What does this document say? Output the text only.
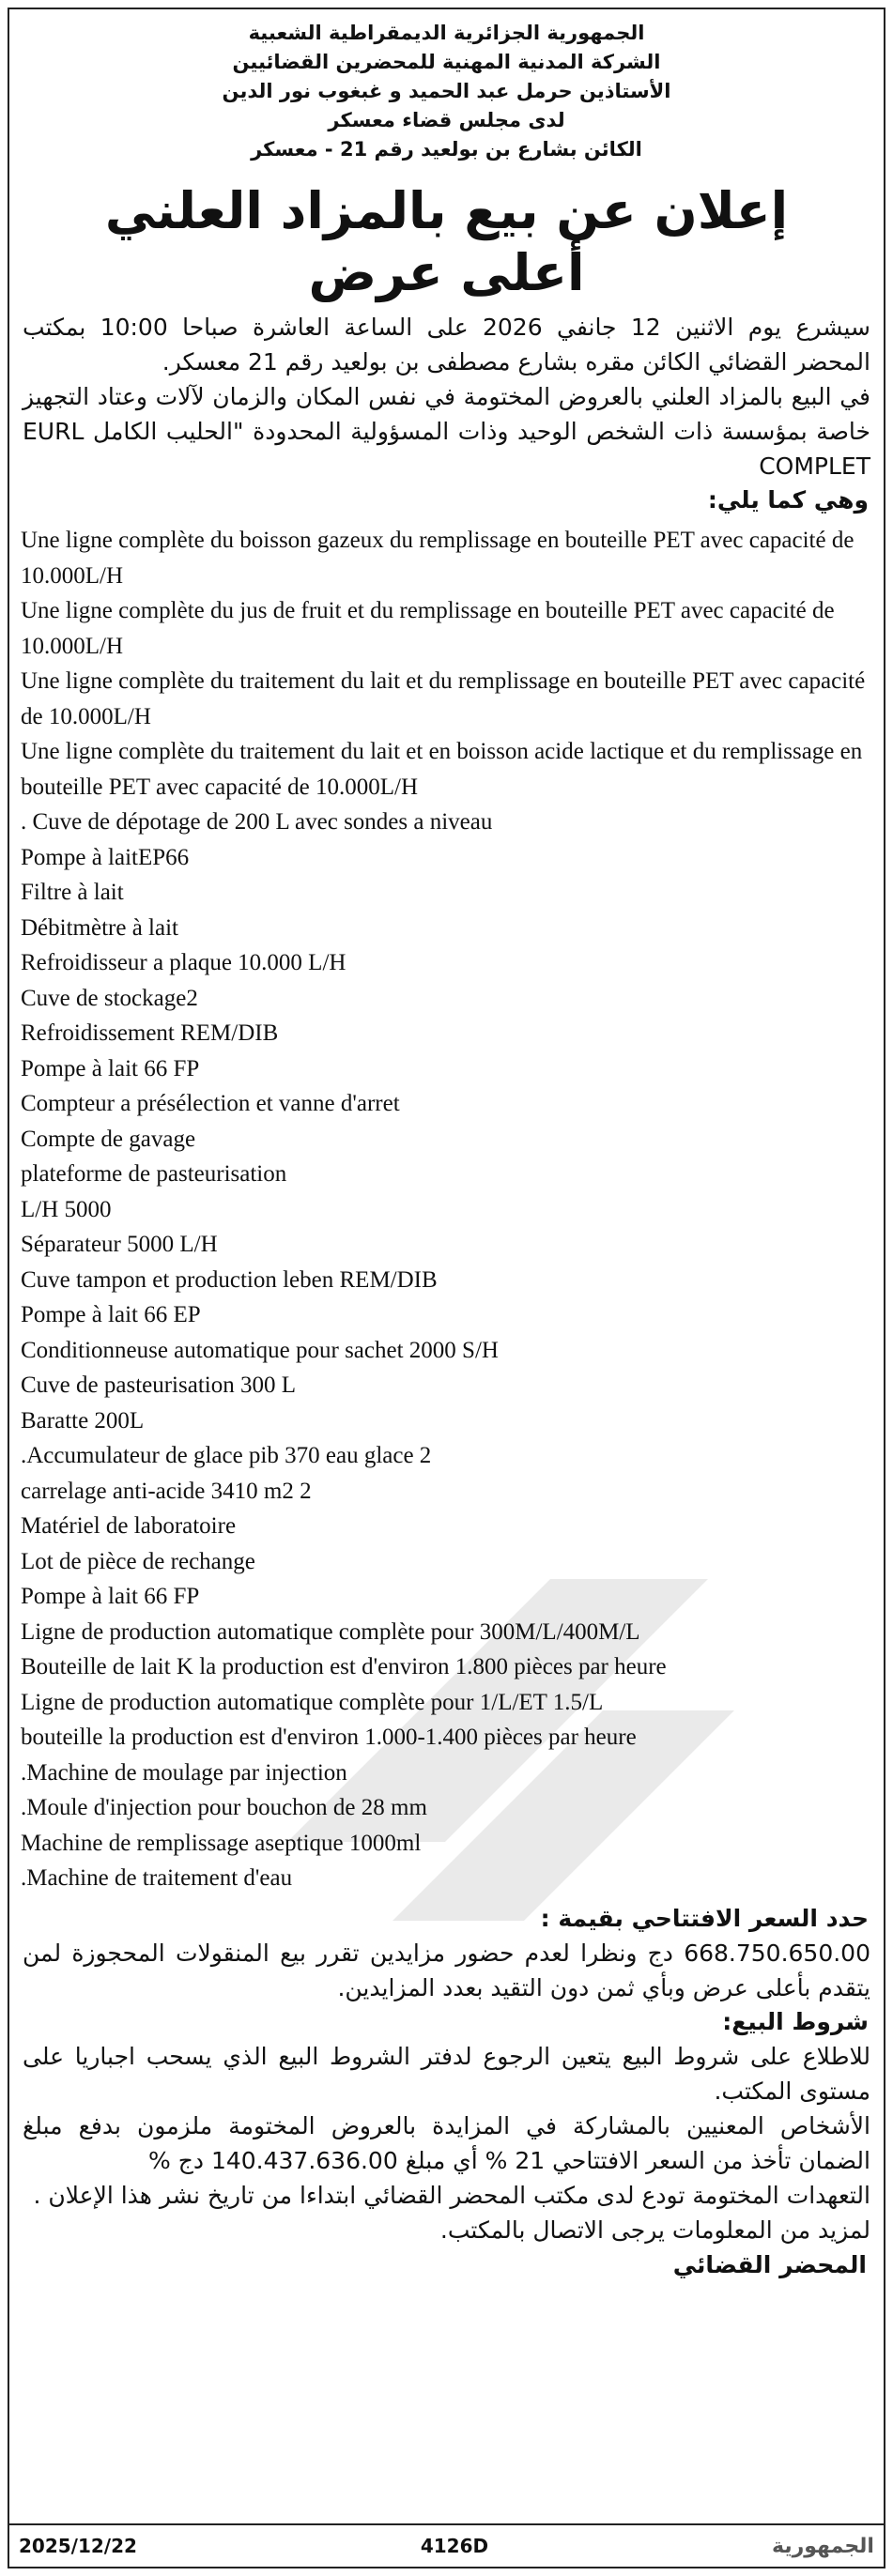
الجمهورية الجزائرية الديمقراطية الشعبية
الشركة المدنية المهنية للمحضرين القضائيين
الأستاذين حرمل عبد الحميد و غبغوب نور الدين
لدى مجلس قضاء معسكر
الكائن بشارع بن بولعيد رقم 21 - معسكر
إعلان عن بيع بالمزاد العلني أعلى عرض
سيشرع يوم الاثنين 12 جانفي 2026 على الساعة العاشرة صباحا 10:00 بمكتب المحضر القضائي الكائن مقره بشارع مصطفى بن بولعيد رقم 21 معسكر.
في البيع بالمزاد العلني بالعروض المختومة في نفس المكان والزمان لآلات وعتاد التجهيز خاصة بمؤسسة ذات الشخص الوحيد وذات المسؤولية المحدودة "الحليب الكامل EURL COMPLET
وهي كما يلي:
Une ligne complète du boisson gazeux du remplissage en bouteille PET avec capacité de 10.000L/H
Une ligne complète du jus de fruit et du remplissage en bouteille PET avec capacité de 10.000L/H
Une ligne complète du traitement du lait et du remplissage en bouteille PET avec capacité de 10.000L/H
Une ligne complète du traitement du lait et en boisson acide lactique et du remplissage en bouteille PET avec capacité de 10.000L/H
. Cuve de dépotage de 200 L avec sondes a niveau
Pompe à laitEP66
Filtre à lait
Débitmètre à lait
Refroidisseur a plaque 10.000 L/H
Cuve de stockage2
Refroidissement REM/DIB
Pompe à lait 66 FP
Compteur a présélection et vanne d'arret
Compte de gavage
plateforme de pasteurisation
L/H 5000
Séparateur 5000 L/H
Cuve tampon et production leben REM/DIB
Pompe à lait 66 EP
Conditionneuse automatique pour sachet 2000 S/H
Cuve de pasteurisation 300 L
Baratte 200L
.Accumulateur de glace pib 370 eau glace 2
carrelage anti-acide 3410 m2 2
Matériel de laboratoire
Lot de pièce de rechange
Pompe à lait 66 FP
Ligne de production automatique complète pour 300M/L/400M/L
Bouteille de lait K la production est d'environ 1.800 pièces par heure
Ligne de production automatique complète pour 1/L/ET 1.5/L
bouteille la production est d'environ 1.000-1.400 pièces par heure
.Machine de moulage par injection
.Moule d'injection pour bouchon de 28 mm
Machine de remplissage aseptique 1000ml
.Machine de traitement d'eau
حدد السعر الافتتاحي بقيمة :
668.750.650.00 دج ونظرا لعدم حضور مزايدين تقرر بيع المنقولات المحجوزة لمن يتقدم بأعلى عرض وبأي ثمن دون التقيد بعدد المزايدين.
شروط البيع:
للاطلاع على شروط البيع يتعين الرجوع لدفتر الشروط البيع الذي يسحب اجباريا على مستوى المكتب.
الأشخاص المعنيين بالمشاركة في المزايدة بالعروض المختومة ملزمون بدفع مبلغ الضمان تأخذ من السعر الافتتاحي 21 % أي مبلغ 140.437.636.00 دج %
التعهدات المختومة تودع لدى مكتب المحضر القضائي ابتداءا من تاريخ نشر هذا الإعلان .
لمزيد من المعلومات يرجى الاتصال بالمكتب.
المحضر القضائي
2025/12/22	4126D	الجمهورية
